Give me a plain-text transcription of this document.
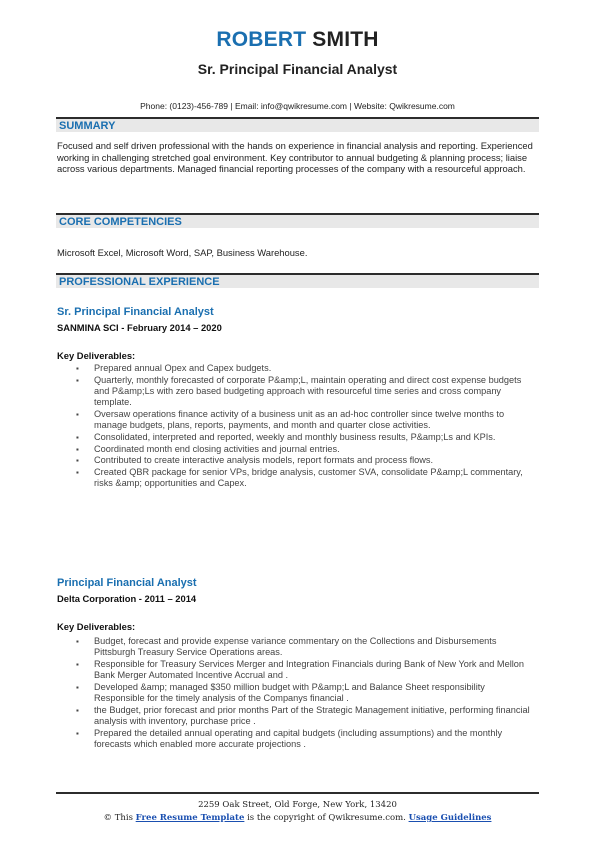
ROBERT SMITH
Sr. Principal Financial Analyst
Phone: (0123)-456-789 | Email: info@qwikresume.com | Website: Qwikresume.com
SUMMARY
Focused and self driven professional with the hands on experience in financial analysis and reporting. Experienced working in challenging stretched goal environment. Key contributor to annual budgeting & planning process; liaise across various departments. Managed financial reporting processes of the company with a resourceful approach.
CORE COMPETENCIES
Microsoft Excel, Microsoft Word, SAP, Business Warehouse.
PROFESSIONAL EXPERIENCE
Sr. Principal Financial Analyst
SANMINA SCI - February 2014 – 2020
Key Deliverables:
▪ Prepared annual Opex and Capex budgets.
▪ Quarterly, monthly forecasted of corporate P&amp;L, maintain operating and direct cost expense budgets and P&amp;Ls with zero based budgeting approach with resourceful time series and cross company template.
▪ Oversaw operations finance activity of a business unit as an ad-hoc controller since twelve months to manage budgets, plans, reports, payments, and month and quarter close activities.
▪ Consolidated, interpreted and reported, weekly and monthly business results, P&amp;Ls and KPIs.
▪ Coordinated month end closing activities and journal entries.
▪ Contributed to create interactive analysis models, report formats and process flows.
▪ Created QBR package for senior VPs, bridge analysis, customer SVA, consolidate P&amp;L commentary, risks &amp; opportunities and Capex.
Principal Financial Analyst
Delta Corporation - 2011 – 2014
Key Deliverables:
▪ Budget, forecast and provide expense variance commentary on the Collections and Disbursements Pittsburgh Treasury Service Operations areas.
▪ Responsible for Treasury Services Merger and Integration Financials during Bank of New York and Mellon Bank Merger Automated Incentive Accrual and .
▪ Developed &amp; managed $350 million budget with P&amp;L and Balance Sheet responsibility Responsible for the timely analysis of the Companys financial .
▪ the Budget, prior forecast and prior months Part of the Strategic Management initiative, performing financial analysis with inventory, purchase price .
▪ Prepared the detailed annual operating and capital budgets (including assumptions) and the monthly forecasts which enabled more accurate projections .
2259 Oak Street, Old Forge, New York, 13420
© This Free Resume Template is the copyright of Qwikresume.com. Usage Guidelines
